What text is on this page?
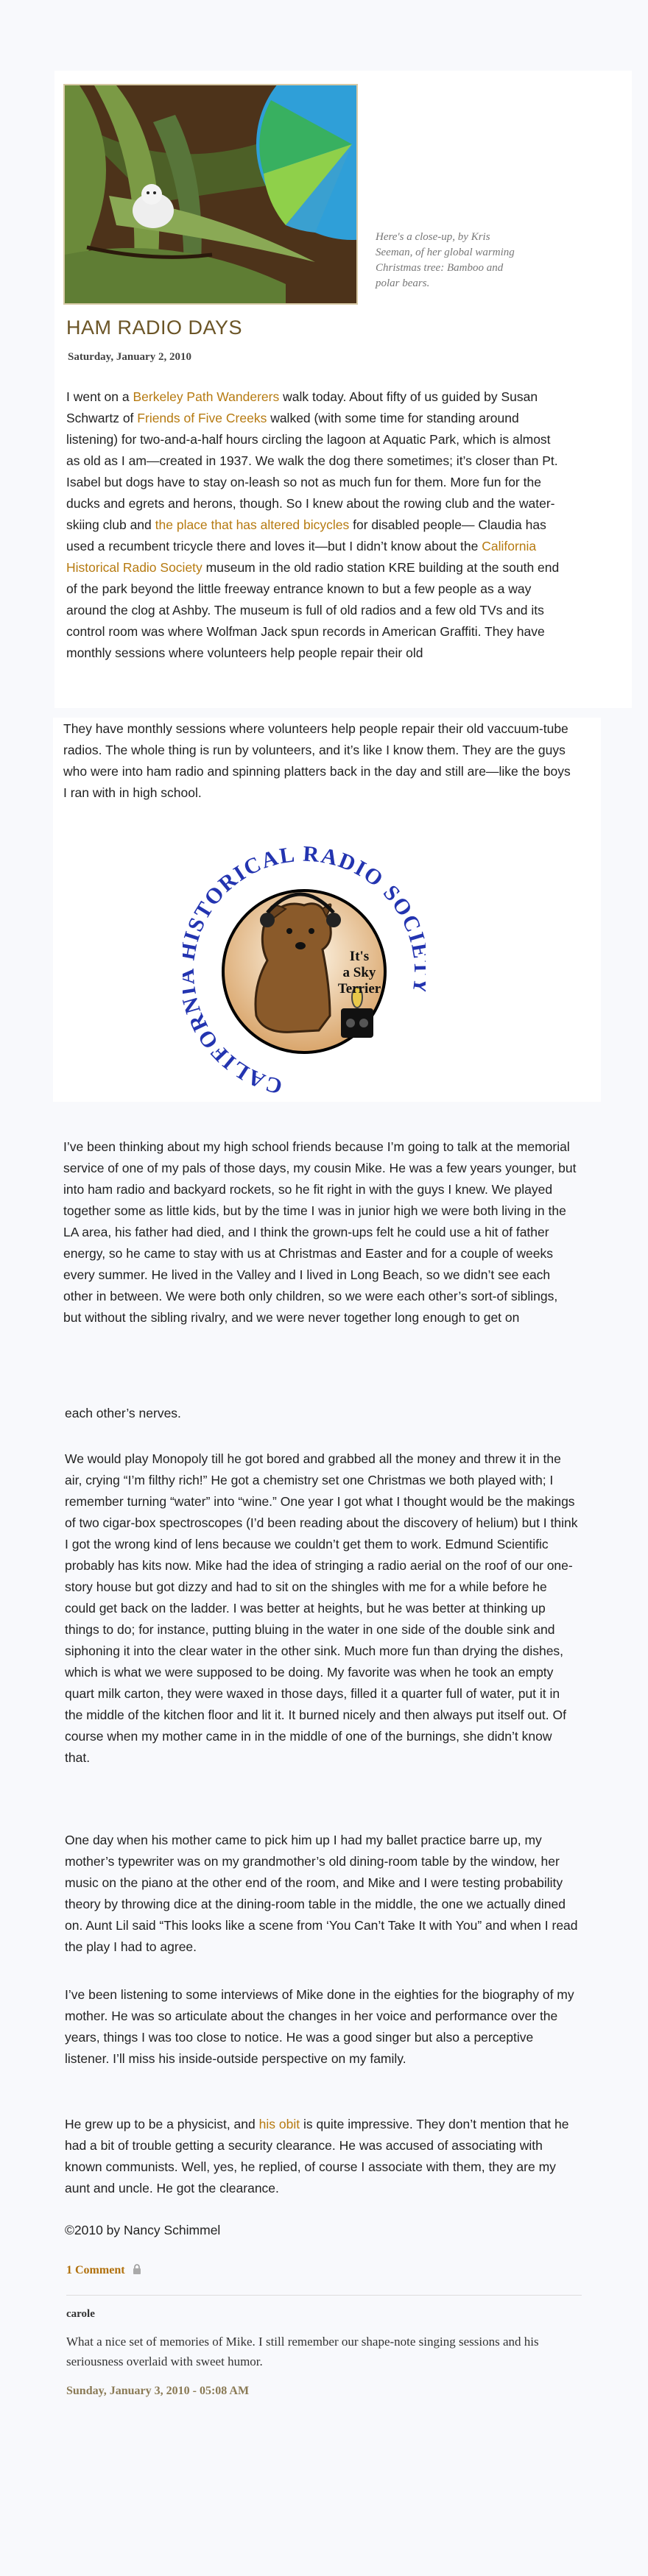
Here's a close-up, by Kris Seeman, of her global warming Christmas tree: Bamboo and polar bears.
HAM RADIO DAYS
Saturday, January 2, 2010

I went on a Berkeley Path Wanderers walk today. About fifty of us guided by Susan Schwartz of Friends of Five Creeks walked (with some time for standing around listening) for two-and-a-half hours circling the lagoon at Aquatic Park, which is almost as old as I am—created in 1937. We walk the dog there sometimes; it’s closer than Pt. Isabel but dogs have to stay on-leash so not as much fun for them. More fun for the ducks and egrets and herons, though. So I knew about the rowing club and the water-skiing club and the place that has altered bicycles for disabled people— Claudia has used a recumbent tricycle there and loves it—but I didn’t know about the California Historical Radio Society museum in the old radio station KRE building at the south end of the park beyond the little freeway entrance known to but a few people as a way around the clog at Ashby. The museum is full of old radios and a few old TVs and its control room was where Wolfman Jack spun records in American Graffiti. They have monthly sessions where volunteers help people repair their old

They have monthly sessions where volunteers help people repair their old vaccuum-tube radios. The whole thing is run by volunteers, and it’s like I know them. They are the guys who were into ham radio and spinning platters back in the day and still are—like the boys I ran with in high school.

CALIFOR STORICAL RADIO SOC
It's
a Sky
Terrier

I’ve been thinking about my high school friends because I’m going to talk at the memorial service of one of my pals of those days, my cousin Mike. He was a few years younger, but into ham radio and backyard rockets, so he fit right in with the guys I knew. We played together some as little kids, but by the time I was in junior high we were both living in the LA area, his father had died, and I think the grown-ups felt he could use a hit of father energy, so he came to stay with us at Christmas and Easter and for a couple of weeks every summer. He lived in the Valley and I lived in Long Beach, so we didn’t see each other in between. We were both only children, so we were each other’s sort-of siblings, but without the sibling rivalry, and we were never together long enough to get on

each other’s nerves.

We would play Monopoly till he got bored and grabbed all the money and threw it in the air, crying “I’m filthy rich!” He got a chemistry set one Christmas we both played with; I remember turning “water” into “wine.” One year I got what I thought would be the makings of two cigar-box spectroscopes (I’d been reading about the discovery of helium) but I think I got the wrong kind of lens because we couldn’t get them to work. Edmund Scientific probably has kits now. Mike had the idea of stringing a radio aerial on the roof of our one-story house but got dizzy and had to sit on the shingles with me for a while before he could get back on the ladder. I was better at heights, but he was better at thinking up things to do; for instance, putting bluing in the water in one side of the double sink and siphoning it into the clear water in the other sink. Much more fun than drying the dishes, which is what we were supposed to be doing. My favorite was when he took an empty quart milk carton, they were waxed in those days, filled it a quarter full of water, put it in the middle of the kitchen floor and lit it. It burned nicely and then always put itself out. Of course when my mother came in in the middle of one of the burnings, she didn’t know that.

One day when his mother came to pick him up I had my ballet practice barre up, my mother’s typewriter was on my grandmother’s old dining-room table by the window, her music on the piano at the other end of the room, and Mike and I were testing probability theory by throwing dice at the dining-room table in the middle, the one we actually dined on. Aunt Lil said “This looks like a scene from ‘You Can’t Take It with You” and when I read the play I had to agree.

I’ve been listening to some interviews of Mike done in the eighties for the biography of my mother. He was so articulate about the changes in her voice and performance over the years, things I was too close to notice. He was a good singer but also a perceptive listener. I’ll miss his inside-outside perspective on my family.

He grew up to be a physicist, and his obit is quite impressive. They don’t mention that he had a bit of trouble getting a security clearance. He was accused of associating with known communists. Well, yes, he replied, of course I associate with them, they are my aunt and uncle. He got the clearance.

©2010 by Nancy Schimmel

1 Comment
carole
What a nice set of memories of Mike. I still remember our shape-note singing sessions and his seriousness overlaid with sweet humor.
Sunday, January 3, 2010 - 05:08 AM
